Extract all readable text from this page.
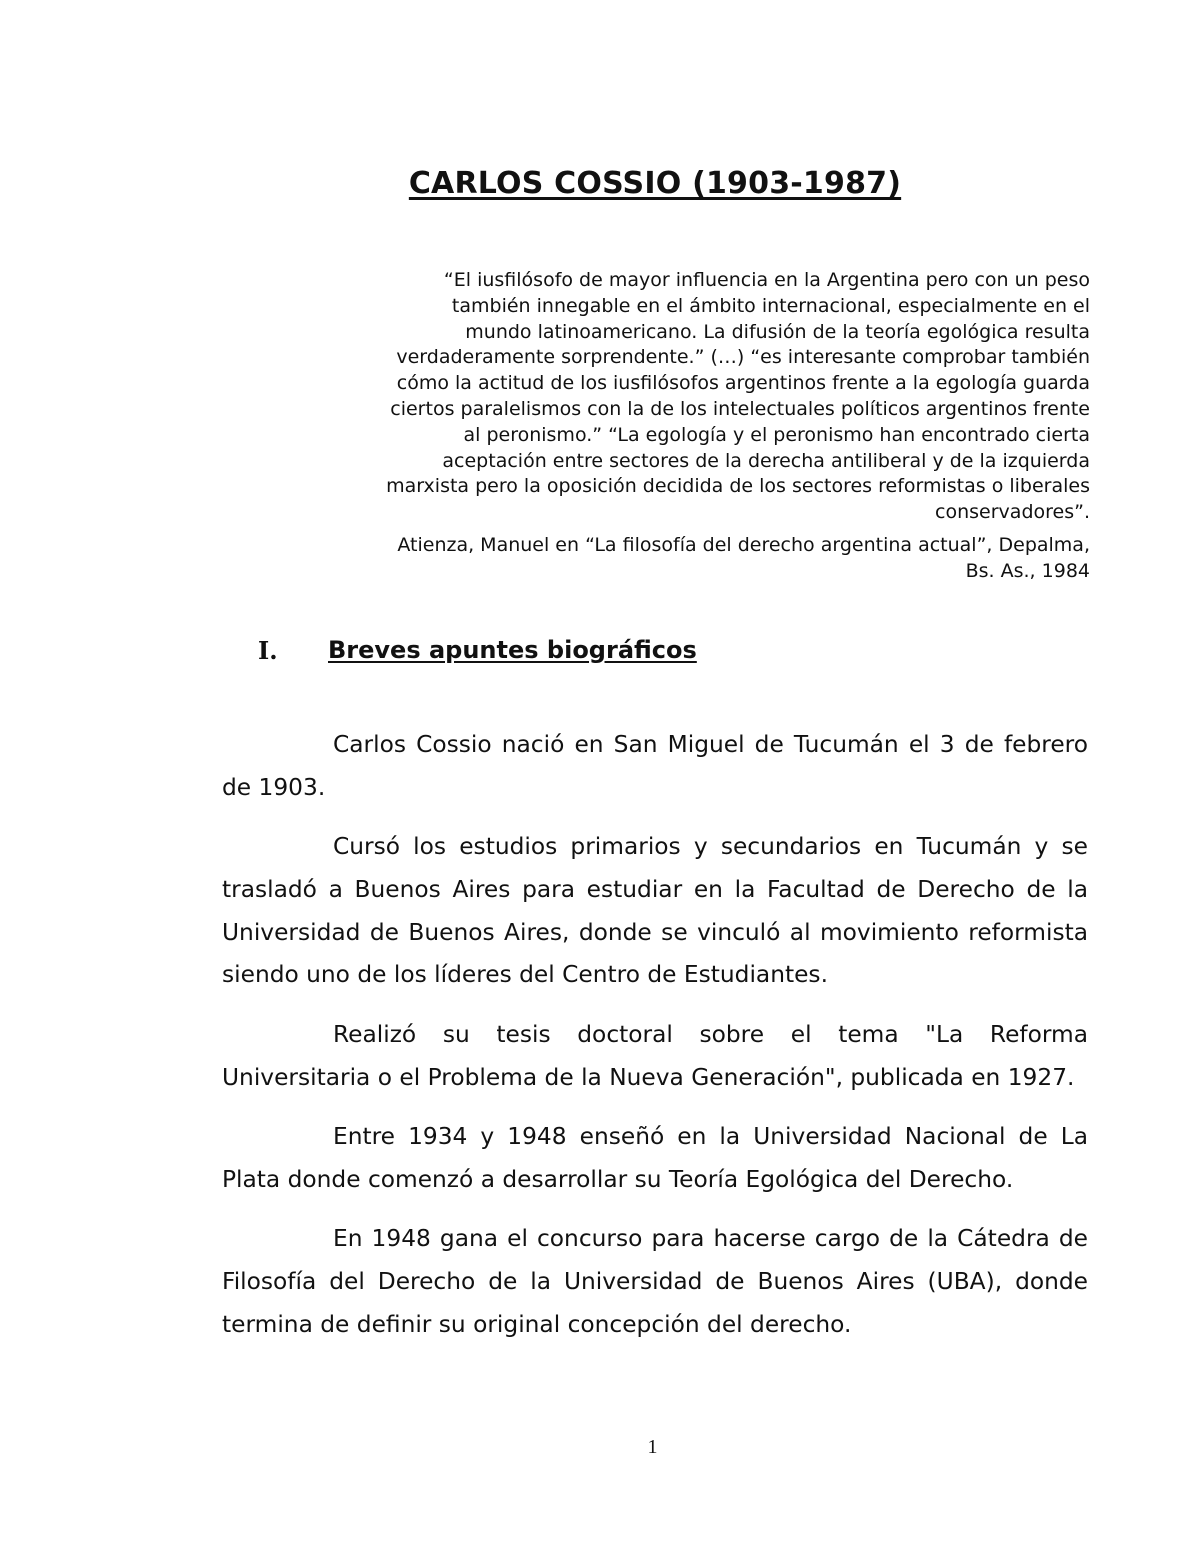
CARLOS COSSIO (1903-1987)

“El iusfilósofo de mayor influencia en la Argentina pero con un peso también innegable en el ámbito internacional, especialmente en el mundo latinoamericano. La difusión de la teoría egológica resulta verdaderamente sorprendente.” (…) “es interesante comprobar también cómo la actitud de los iusfilósofos argentinos frente a la egología guarda ciertos paralelismos con la de los intelectuales políticos argentinos frente al peronismo.” “La egología y el peronismo han encontrado cierta aceptación entre sectores de la derecha antiliberal y de la izquierda marxista pero la oposición decidida de los sectores reformistas o liberales conservadores”.

Atienza, Manuel en “La filosofía del derecho argentina actual”, Depalma, Bs. As., 1984

I.	Breves apuntes biográficos

Carlos Cossio nació en San Miguel de Tucumán el 3 de febrero de 1903.

Cursó los estudios primarios y secundarios en Tucumán y se trasladó a Buenos Aires para estudiar en la Facultad de Derecho de la Universidad de Buenos Aires, donde se vinculó al movimiento reformista siendo uno de los líderes del Centro de Estudiantes.

Realizó su tesis doctoral sobre el tema "La Reforma Universitaria o el Problema de la Nueva Generación", publicada en 1927.

Entre 1934 y 1948 enseñó en la Universidad Nacional de La Plata donde comenzó a desarrollar su Teoría Egológica del Derecho.

En 1948 gana el concurso para hacerse cargo de la Cátedra de Filosofía del Derecho de la Universidad de Buenos Aires (UBA), donde termina de definir su original concepción del derecho.

1
